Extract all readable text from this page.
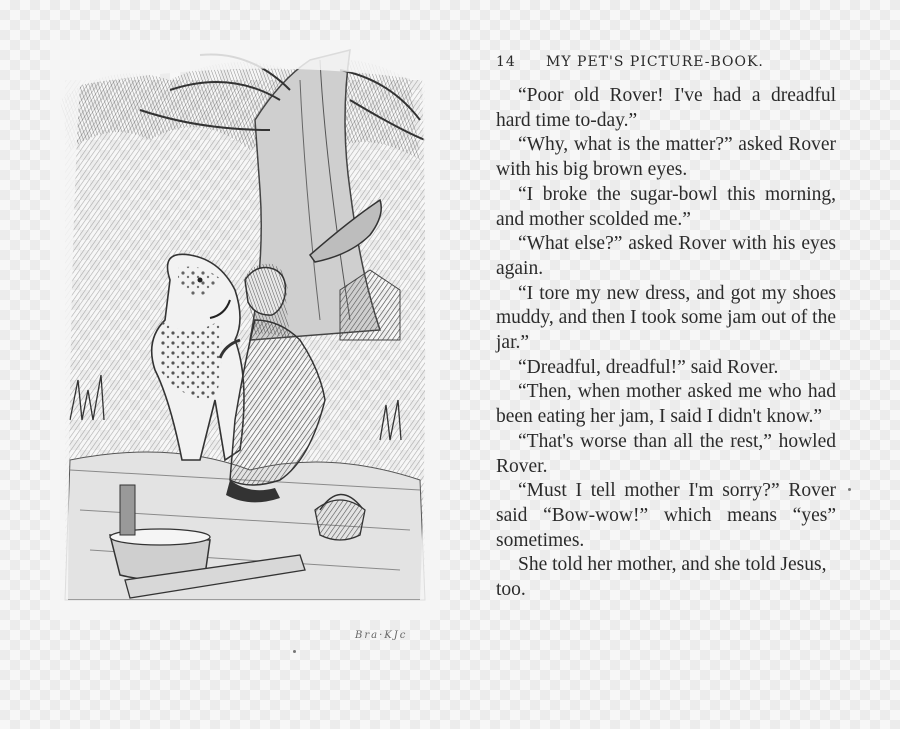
Bra·KJc
14 MY PET'S PICTURE-BOOK.

“Poor old Rover! I've had a dreadful hard time to-day.”

“Why, what is the matter?” asked Rover with his big brown eyes.

“I broke the sugar-bowl this morning, and mother scolded me.”

“What else?” asked Rover with his eyes again.

“I tore my new dress, and got my shoes muddy, and then I took some jam out of the jar.”

“Dreadful, dreadful!” said Rover.

“Then, when mother asked me who had been eating her jam, I said I didn't know.”

“That's worse than all the rest,” howled Rover.

“Must I tell mother I'm sorry?” Rover said “Bow-wow!” which means “yes” sometimes.

She told her mother, and she told Jesus, too.
